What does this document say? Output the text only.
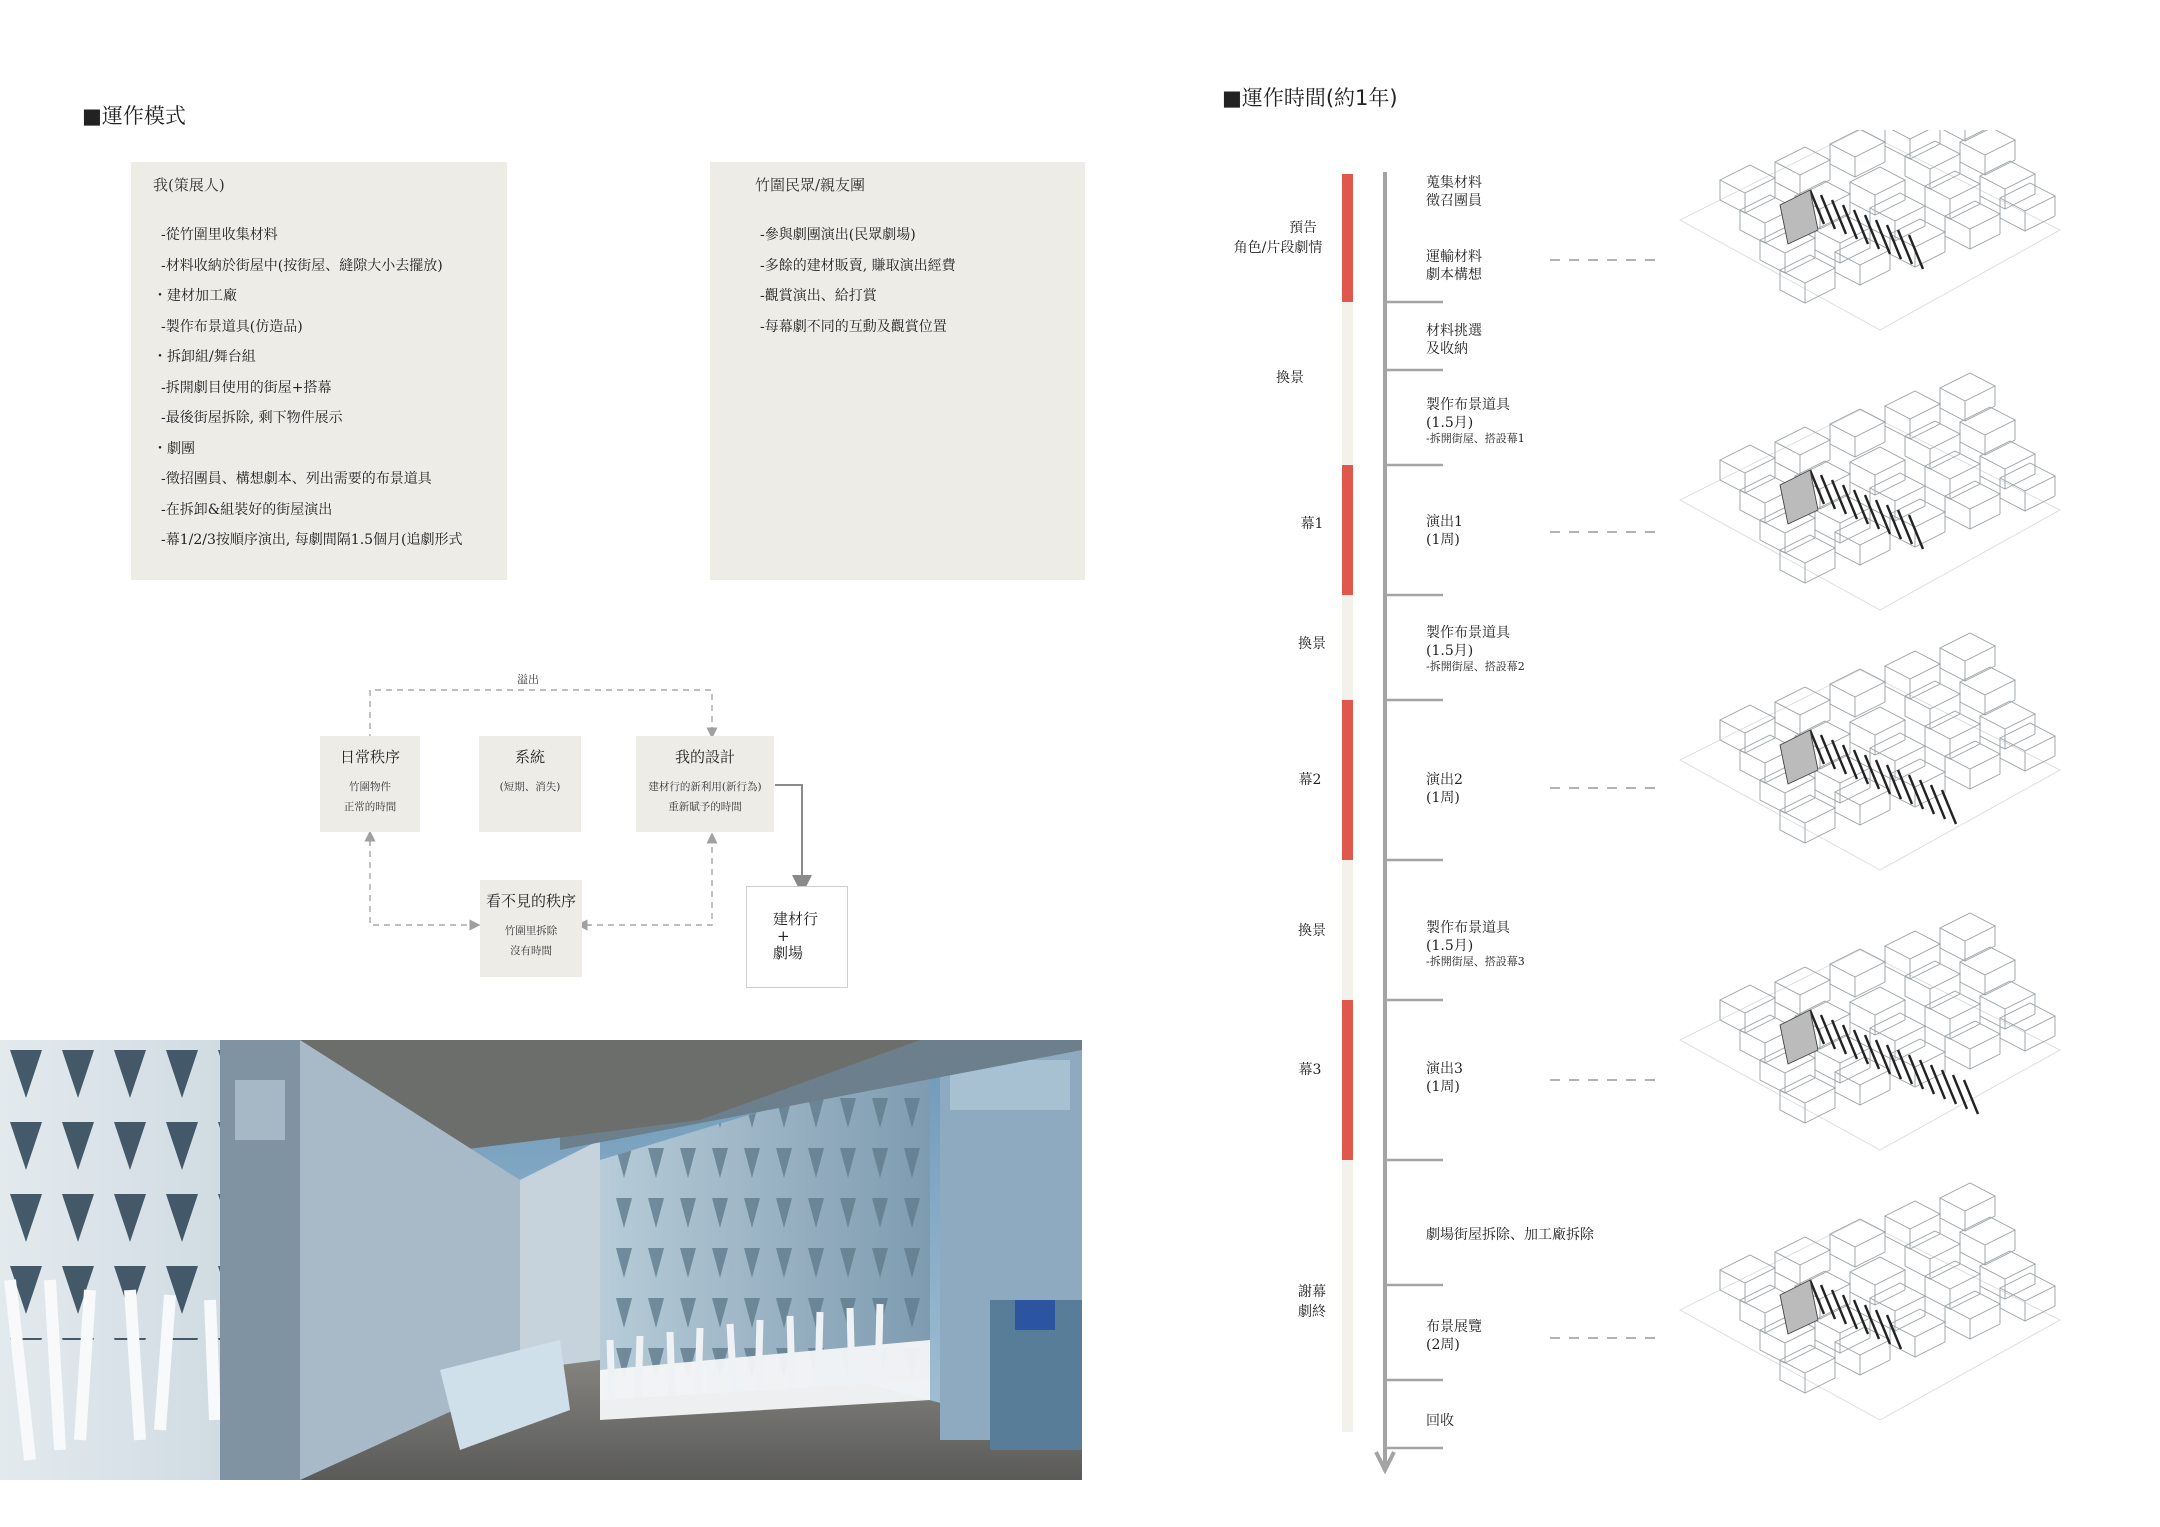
■運作模式
我(策展人)
-從竹圍里收集材料
-材料收納於街屋中(按街屋、縫隙大小去擺放)
・建材加工廠
-製作布景道具(仿造品)
・拆卸組/舞台組
-拆開劇目使用的街屋+搭幕
-最後街屋拆除, 剩下物件展示
・劇團
-徵招團員、構想劇本、列出需要的布景道具
-在拆卸&組裝好的街屋演出
-幕1/2/3按順序演出, 每劇間隔1.5個月(追劇形式
竹圍民眾/親友團
-參與劇團演出(民眾劇場)
-多餘的建材販賣, 賺取演出經費
-觀賞演出、給打賞
-每幕劇不同的互動及觀賞位置
溢出
日常秩序
竹圍物件
正常的時間
系統
(短期、消失)
我的設計
建材行的新利用(新行為)
重新賦予的時間
看不見的秩序
竹圍里拆除
沒有時間
建材行
+
劇場
■運作時間(約1年)
預告
角色/片段劇情
換景
幕1
換景
幕2
換景
幕3
謝幕
劇終
蒐集材料
徵召團員
運輸材料
劇本構想
材料挑選
及收納
製作布景道具
(1.5月)
-拆開街屋、搭設幕1
演出1
(1周)
製作布景道具
(1.5月)
-拆開街屋、搭設幕2
演出2
(1周)
製作布景道具
(1.5月)
-拆開街屋、搭設幕3
演出3
(1周)
劇場街屋拆除、加工廠拆除
布景展覽
(2周)
回收
